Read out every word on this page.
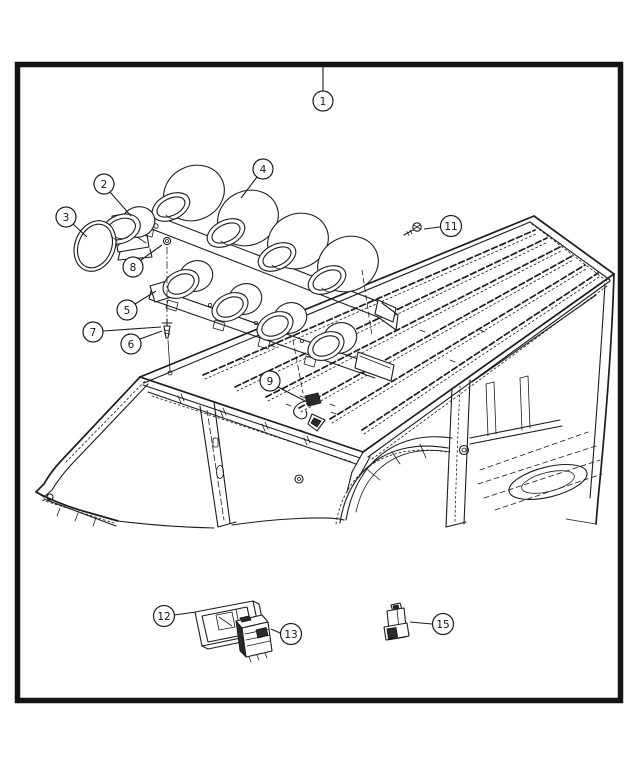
1
2
3
4
5
6
7
8
9
11
12
13
15
